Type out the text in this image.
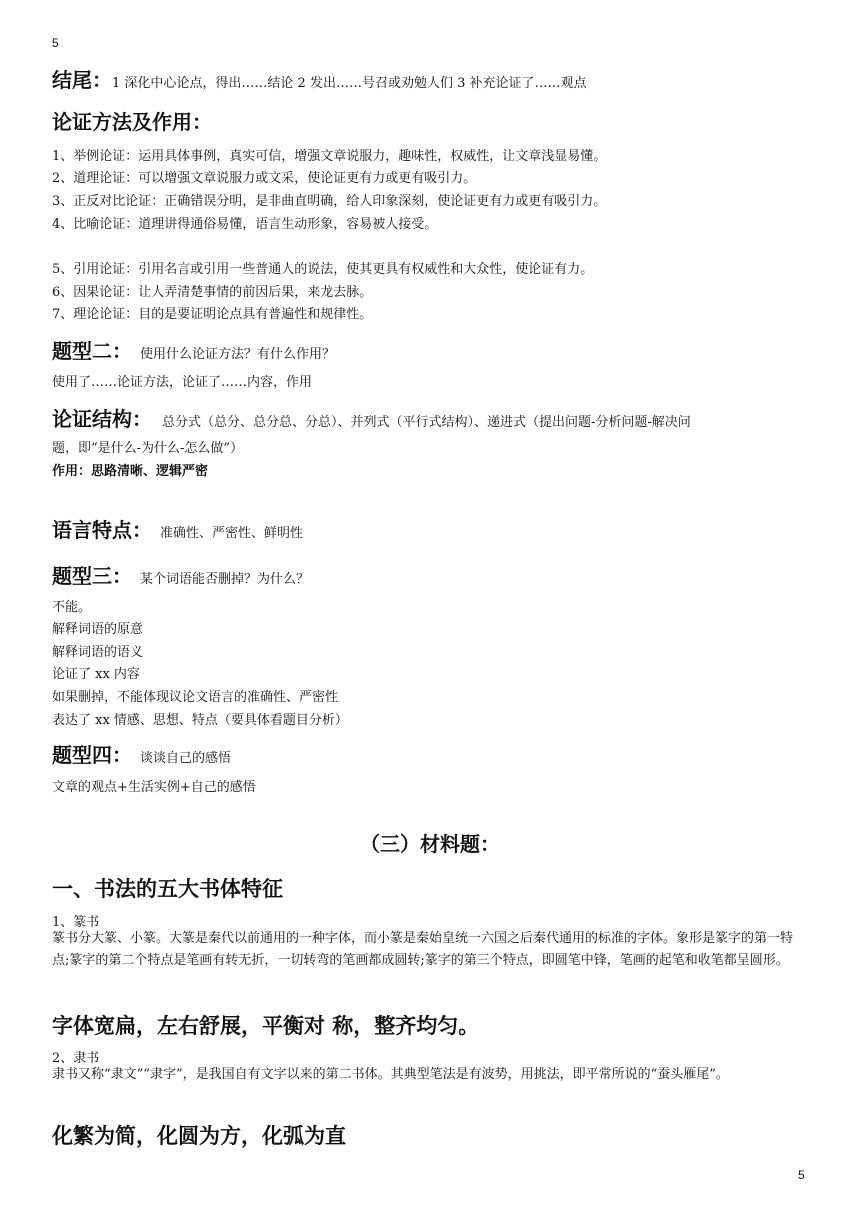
5
结尾：1 深化中心论点，得出……结论 2 发出……号召或劝勉人们 3 补充论证了……观点
论证方法及作用：
1、举例论证：运用具体事例，真实可信，增强文章说服力，趣味性，权威性，让文章浅显易懂。
2、道理论证：可以增强文章说服力或文采，使论证更有力或更有吸引力。
3、正反对比论证：正确错误分明，是非曲直明确，给人印象深刻，使论证更有力或更有吸引力。
4、比喻论证：道理讲得通俗易懂，语言生动形象，容易被人接受。
5、引用论证：引用名言或引用一些普通人的说法，使其更具有权威性和大众性，使论证有力。
6、因果论证：让人弄清楚事情的前因后果，来龙去脉。
7、理论论证：目的是要证明论点具有普遍性和规律性。
题型二： 使用什么论证方法？有什么作用？
使用了……论证方法，论证了……内容，作用
论证结构： 总分式（总分、总分总、分总）、并列式（平行式结构）、递进式（提出问题-分析问题-解决问
题，即“是什么-为什么-怎么做”）
作用：思路清晰、逻辑严密
语言特点： 准确性、严密性、鲜明性
题型三： 某个词语能否删掉？为什么？
不能。
解释词语的原意
解释词语的语义
论证了 xx 内容
如果删掉，不能体现议论文语言的准确性、严密性
表达了 xx 情感、思想、特点（要具体看题目分析）
题型四： 谈谈自己的感悟
文章的观点+生活实例+自己的感悟
（三）材料题：
一、书法的五大书体特征
1、篆书
篆书分大篆、小篆。大篆是秦代以前通用的一种字体，而小篆是秦始皇统一六国之后秦代通用的标准的字体。象形是篆字的第一特点;篆字的第二个特点是笔画有转无折，一切转弯的笔画都成圆转;篆字的第三个特点，即圆笔中锋，笔画的起笔和收笔都呈圆形。
字体宽扁，左右舒展，平衡对 称，整齐均匀。
2、隶书
隶书又称“隶文”“隶字”，是我国自有文字以来的第二书体。其典型笔法是有波势，用挑法，即平常所说的“蚕头雁尾”。
化繁为简，化圆为方，化弧为直
5
